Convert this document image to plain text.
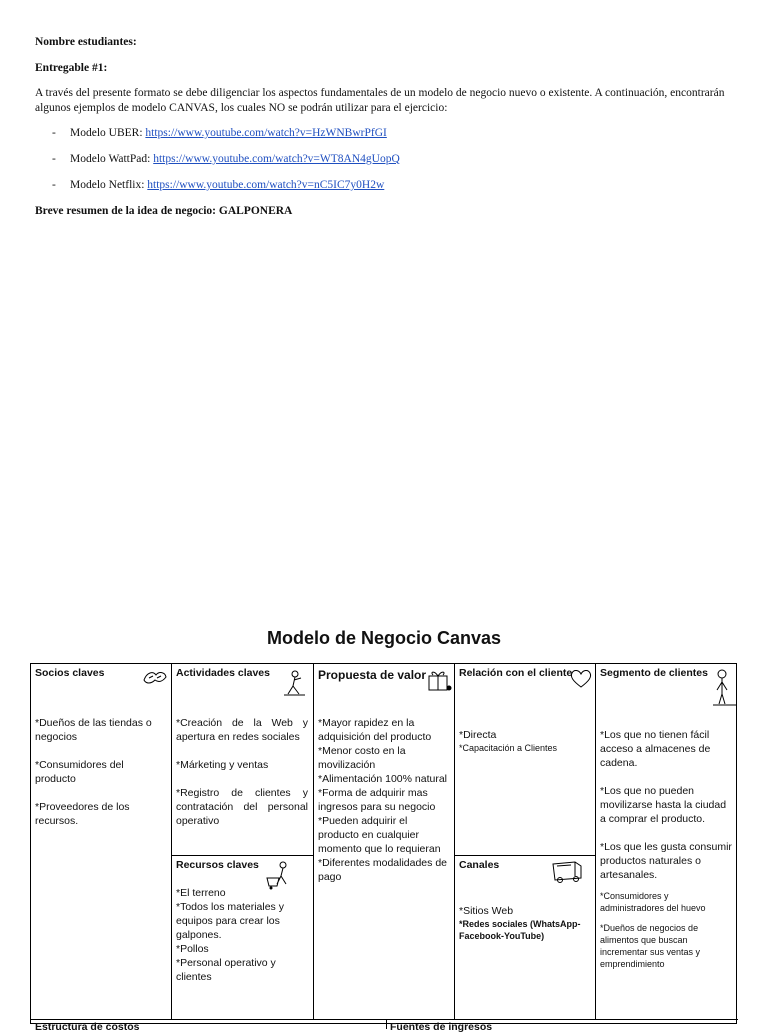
Nombre estudiantes:

Entregable #1:

A través del presente formato se debe diligenciar los aspectos fundamentales de un modelo de negocio nuevo o existente. A continuación, encontrarán algunos ejemplos de modelo CANVAS, los cuales NO se podrán utilizar para el ejercicio:

- Modelo UBER: https://www.youtube.com/watch?v=HzWNBwrPfGI
- Modelo WattPad: https://www.youtube.com/watch?v=WT8AN4gUopQ
- Modelo Netflix: https://www.youtube.com/watch?v=nC5IC7y0H2w

Breve resumen de la idea de negocio: GALPONERA

Modelo de Negocio Canvas
Socios claves
*Dueños de las tiendas o negocios
*Consumidores del producto
*Proveedores de los recursos.
Actividades claves
*Creación de la Web y apertura en redes sociales
*Márketing y ventas
*Registro de clientes y contratación del personal operativo
Recursos claves
*El terreno
*Todos los materiales y equipos para crear los galpones.
*Pollos
*Personal operativo y clientes
Propuesta de valor
*Mayor rapidez en la adquisición del producto
*Menor costo en la movilización
*Alimentación 100% natural
*Forma de adquirir mas ingresos para su negocio
*Pueden adquirir el producto en cualquier momento que lo requieran
*Diferentes modalidades de pago
Relación con el cliente
*Directa
*Capacitación a Clientes
Canales
*Sitios Web
*Redes sociales (WhatsApp-Facebook-YouTube)
Segmento de clientes
*Los que no tienen fácil acceso a almacenes de cadena.
*Los que no pueden movilizarse hasta la ciudad a comprar el producto.
*Los que les gusta consumir productos naturales o artesanales.
*Consumidores y administradores del huevo
*Dueños de negocios de alimentos que buscan incrementar sus ventas y emprendimiento
Estructura de costos	Fuentes de ingresos
